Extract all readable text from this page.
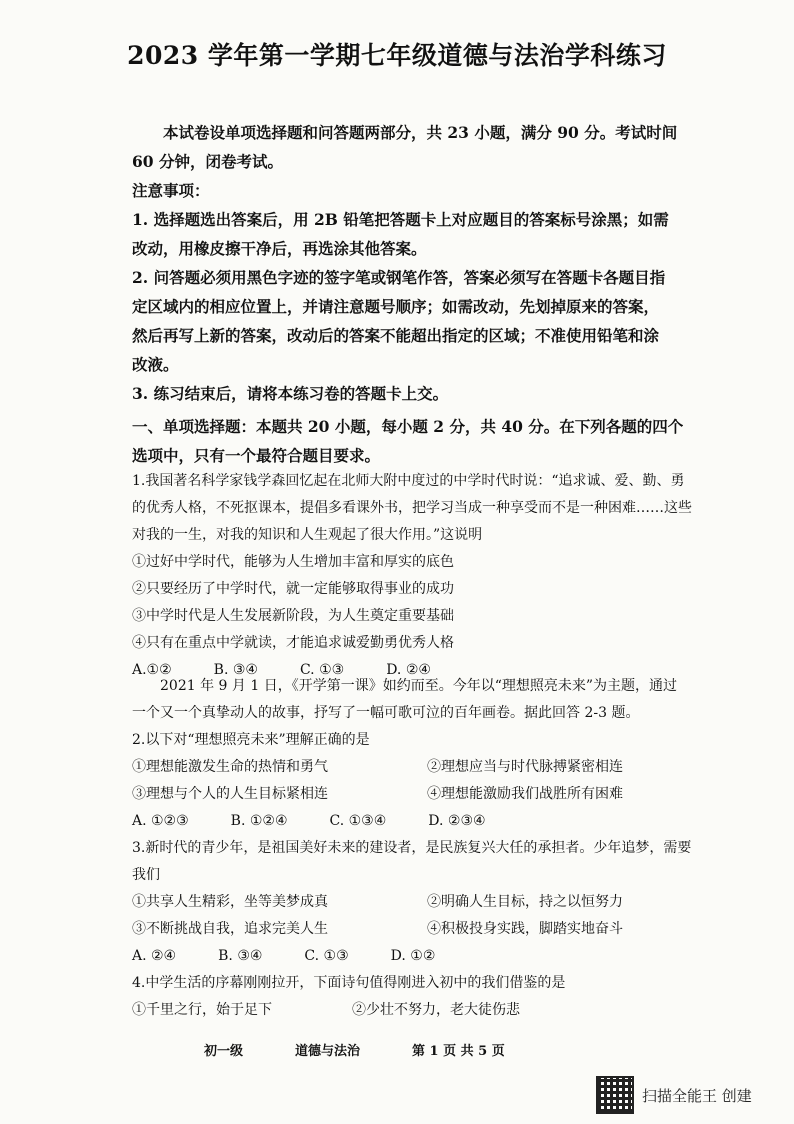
2023 学年第一学期七年级道德与法治学科练习
本试卷设单项选择题和问答题两部分，共 23 小题，满分 90 分。考试时间
60 分钟，闭卷考试。
注意事项：
1. 选择题选出答案后，用 2B 铅笔把答题卡上对应题目的答案标号涂黑；如需
改动，用橡皮擦干净后，再选涂其他答案。
2. 问答题必须用黑色字迹的签字笔或钢笔作答，答案必须写在答题卡各题目指
定区域内的相应位置上，并请注意题号顺序；如需改动，先划掉原来的答案，
然后再写上新的答案，改动后的答案不能超出指定的区域；不准使用铅笔和涂
改液。
3. 练习结束后，请将本练习卷的答题卡上交。
一、单项选择题：本题共 20 小题，每小题 2 分，共 40 分。在下列各题的四个
选项中，只有一个最符合题目要求。
1.我国著名科学家钱学森回忆起在北师大附中度过的中学时代时说：“追求诚、爱、勤、勇
的优秀人格，不死抠课本，提倡多看课外书，把学习当成一种享受而不是一种困难……这些
对我的一生，对我的知识和人生观起了很大作用。”这说明
①过好中学时代，能够为人生增加丰富和厚实的底色
②只要经历了中学时代，就一定能够取得事业的成功
③中学时代是人生发展新阶段，为人生奠定重要基础
④只有在重点中学就读，才能追求诚爱勤勇优秀人格
A.①②	B. ③④	C. ①③	D. ②④
2021 年 9 月 1 日，《开学第一课》如约而至。今年以“理想照亮未来”为主题，通过
一个又一个真挚动人的故事，抒写了一幅可歌可泣的百年画卷。据此回答 2-3 题。
2.以下对“理想照亮未来”理解正确的是
①理想能激发生命的热情和勇气	②理想应当与时代脉搏紧密相连
③理想与个人的人生目标紧相连	④理想能激励我们战胜所有困难
A. ①②③	B. ①②④	C. ①③④	D. ②③④
3.新时代的青少年，是祖国美好未来的建设者，是民族复兴大任的承担者。少年追梦，需要
我们
①共享人生精彩，坐等美梦成真	②明确人生目标，持之以恒努力
③不断挑战自我，追求完美人生	④积极投身实践，脚踏实地奋斗
A. ②④	B. ③④	C. ①③	D. ①②
4.中学生活的序幕刚刚拉开，下面诗句值得刚进入初中的我们借鉴的是
①千里之行，始于足下	②少壮不努力，老大徒伤悲
初一级	道德与法治	第 1 页 共 5 页
扫描全能王 创建
